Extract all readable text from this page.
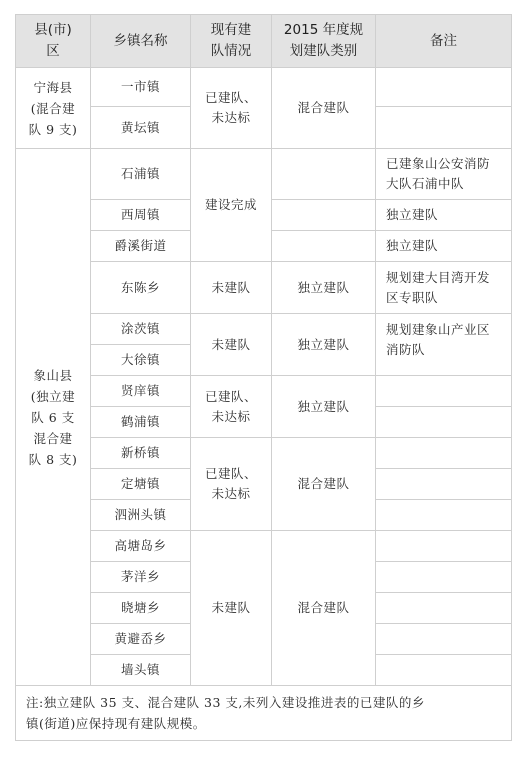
县(市)
区	乡镇名称	现有建
队情况	2015 年度规
划建队类别	备注
宁海县
(混合建
队 9 支)	一市镇	已建队、
未达标	混合建队	
	黄坛镇			
象山县
(独立建
队 6 支
混合建
队 8 支)	石浦镇	建设完成		已建象山公安消防
大队石浦中队
	西周镇			独立建队
	爵溪街道			独立建队
	东陈乡	未建队	独立建队	规划建大目湾开发
区专职队
	涂茨镇	未建队	独立建队	规划建象山产业区
消防队
	大徐镇			
	贤庠镇	已建队、
未达标	独立建队	
	鹤浦镇			
	新桥镇	已建队、
未达标	混合建队	
	定塘镇			
	泗洲头镇			
	高塘岛乡	未建队	混合建队	
	茅洋乡			
	晓塘乡			
	黄避岙乡			
	墙头镇			
注:独立建队 35 支、混合建队 33 支,未列入建设推进表的已建队的乡
镇(街道)应保持现有建队规模。				
